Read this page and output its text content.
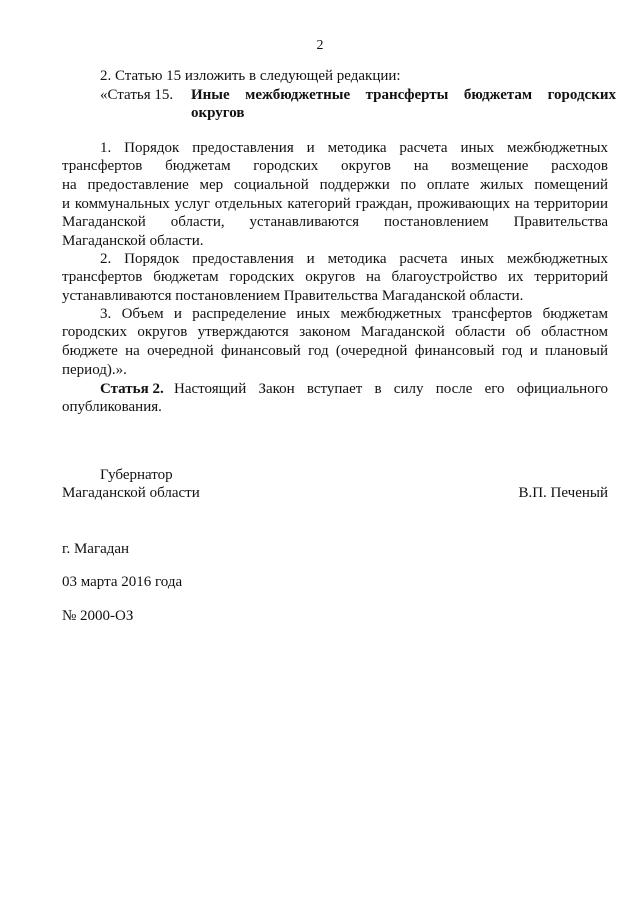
2
2. Статью 15 изложить в следующей редакции:
«Статья 15. Иные межбюджетные трансферты бюджетам городских
округов
1. Порядок предоставления и методика расчета иных межбюджетных
трансфертов бюджетам городских округов на возмещение расходов
на предоставление мер социальной поддержки по оплате жилых помещений
и коммунальных услуг отдельных категорий граждан, проживающих на территории
Магаданской области, устанавливаются постановлением Правительства
Магаданской области.
2. Порядок предоставления и методика расчета иных межбюджетных
трансфертов бюджетам городских округов на благоустройство их территорий
устанавливаются постановлением Правительства Магаданской области.
3. Объем и распределение иных межбюджетных трансфертов бюджетам
городских округов утверждаются законом Магаданской области об областном
бюджете на очередной финансовый год (очередной финансовый год и плановый
период).».
Статья 2. Настоящий Закон вступает в силу после его официального
опубликования.
Губернатор
Магаданской области	В.П. Печеный
г. Магадан
03 марта 2016 года
№ 2000-ОЗ
